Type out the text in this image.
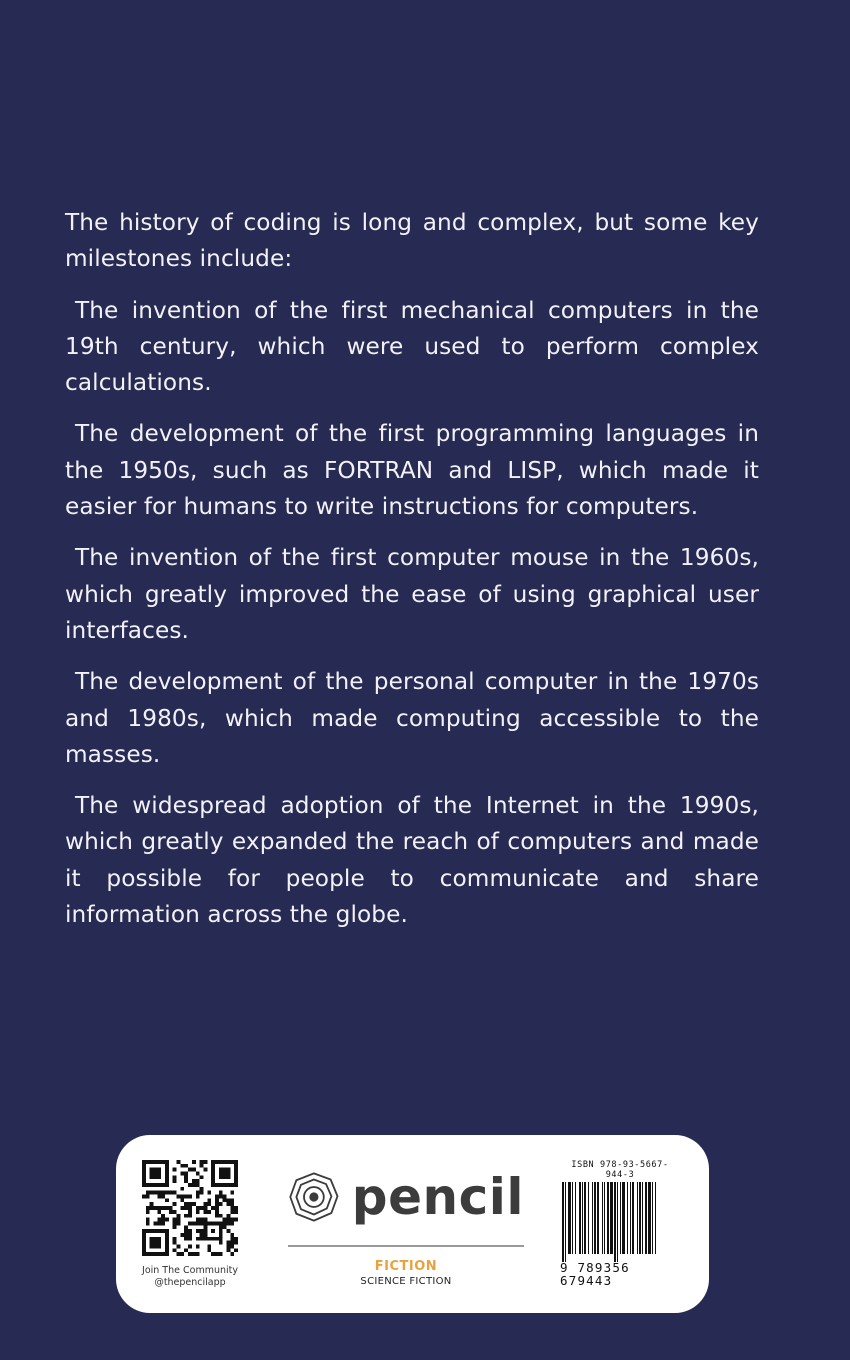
The history of coding is long and complex, but some key milestones include:

The invention of the first mechanical computers in the 19th century, which were used to perform complex calculations.

The development of the first programming languages in the 1950s, such as FORTRAN and LISP, which made it easier for humans to write instructions for computers.

The invention of the first computer mouse in the 1960s, which greatly improved the ease of using graphical user interfaces.

The development of the personal computer in the 1970s and 1980s, which made computing accessible to the masses.

The widespread adoption of the Internet in the 1990s, which greatly expanded the reach of computers and made it possible for people to communicate and share information across the globe.

Join The Community
@thepencilapp
pencil
FICTION
SCIENCE FICTION
ISBN 978-93-5667-944-3
9 789356 679443
